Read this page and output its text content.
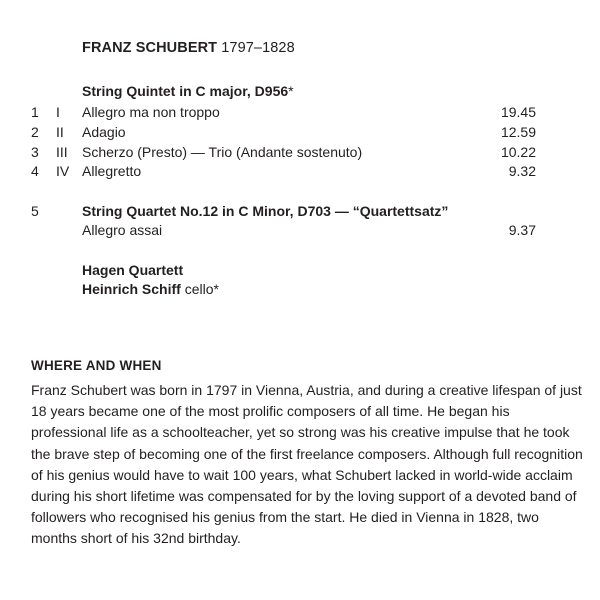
FRANZ SCHUBERT 1797–1828
String Quintet in C major, D956*
1 I Allegro ma non troppo	19.45
2 II Adagio	12.59
3 III Scherzo (Presto) — Trio (Andante sostenuto)	10.22
4 IV Allegretto	9.32
5	String Quartet No.12 in C Minor, D703 — “Quartettsatz”
Allegro assai	9.37
Hagen Quartett
Heinrich Schiff cello*
WHERE AND WHEN
Franz Schubert was born in 1797 in Vienna, Austria, and during a creative lifespan of just 18 years became one of the most prolific composers of all time. He began his professional life as a schoolteacher, yet so strong was his creative impulse that he took the brave step of becoming one of the first freelance composers. Although full recognition of his genius would have to wait 100 years, what Schubert lacked in world-wide acclaim during his short lifetime was compensated for by the loving support of a devoted band of followers who recognised his genius from the start. He died in Vienna in 1828, two months short of his 32nd birthday.
